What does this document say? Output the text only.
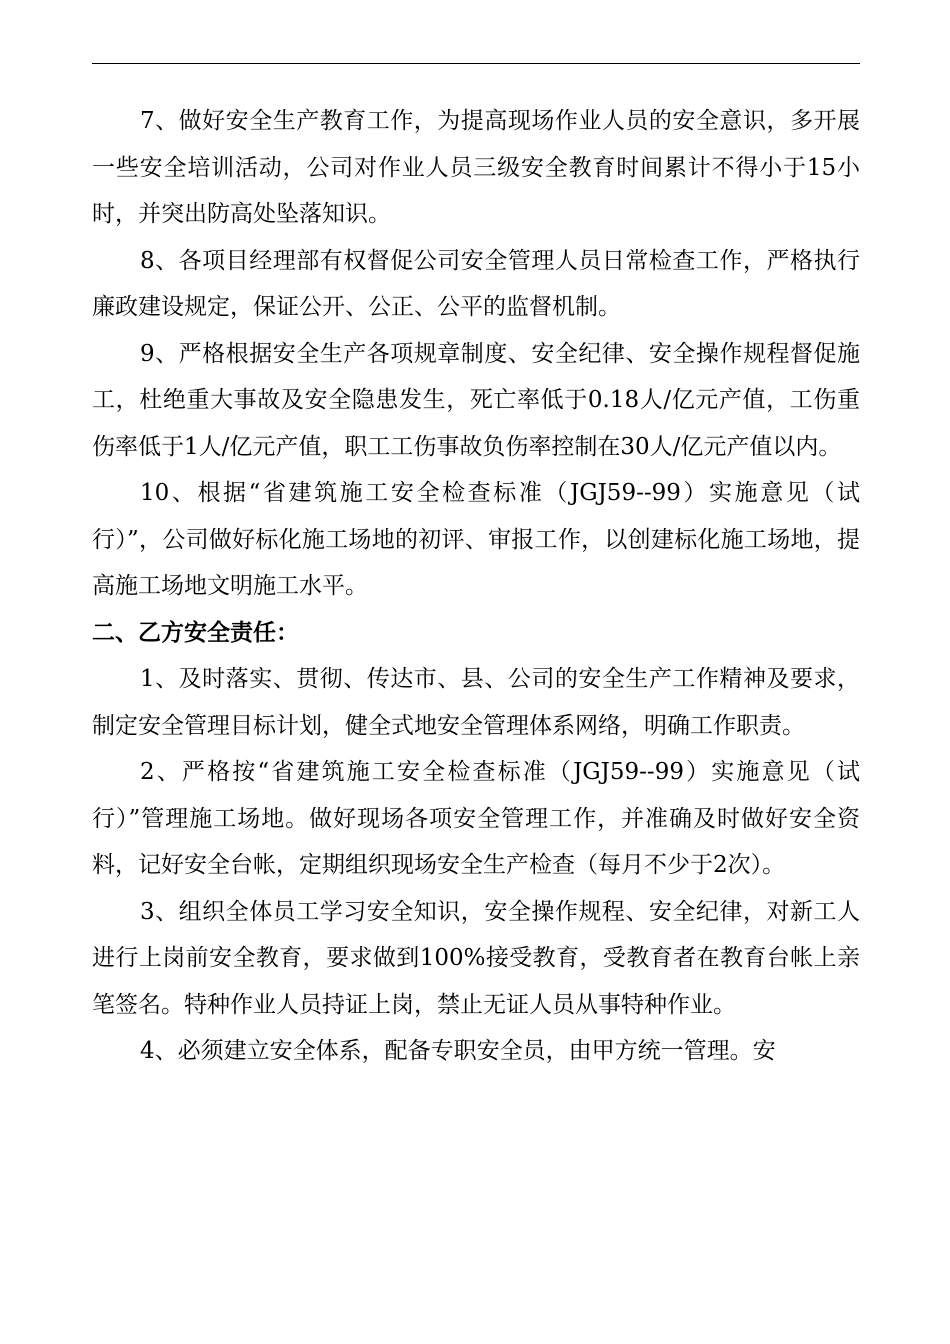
7、做好安全生产教育工作，为提高现场作业人员的安全意识，多开展一些安全培训活动，公司对作业人员三级安全教育时间累计不得小于15小时，并突出防高处坠落知识。

8、各项目经理部有权督促公司安全管理人员日常检查工作，严格执行廉政建设规定，保证公开、公正、公平的监督机制。

9、严格根据安全生产各项规章制度、安全纪律、安全操作规程督促施工，杜绝重大事故及安全隐患发生，死亡率低于0.18人/亿元产值，工伤重伤率低于1人/亿元产值，职工工伤事故负伤率控制在30人/亿元产值以内。

10、根据“省建筑施工安全检查标准（JGJ59--99）实施意见（试行）”，公司做好标化施工场地的初评、审报工作，以创建标化施工场地，提高施工场地文明施工水平。

二、乙方安全责任：

1、及时落实、贯彻、传达市、县、公司的安全生产工作精神及要求，制定安全管理目标计划，健全式地安全管理体系网络，明确工作职责。

2、严格按“省建筑施工安全检查标准（JGJ59--99）实施意见（试行）”管理施工场地。做好现场各项安全管理工作，并准确及时做好安全资料，记好安全台帐，定期组织现场安全生产检查（每月不少于2次）。

3、组织全体员工学习安全知识，安全操作规程、安全纪律，对新工人进行上岗前安全教育，要求做到100%接受教育，受教育者在教育台帐上亲笔签名。特种作业人员持证上岗，禁止无证人员从事特种作业。

4、必须建立安全体系，配备专职安全员，由甲方统一管理。安
